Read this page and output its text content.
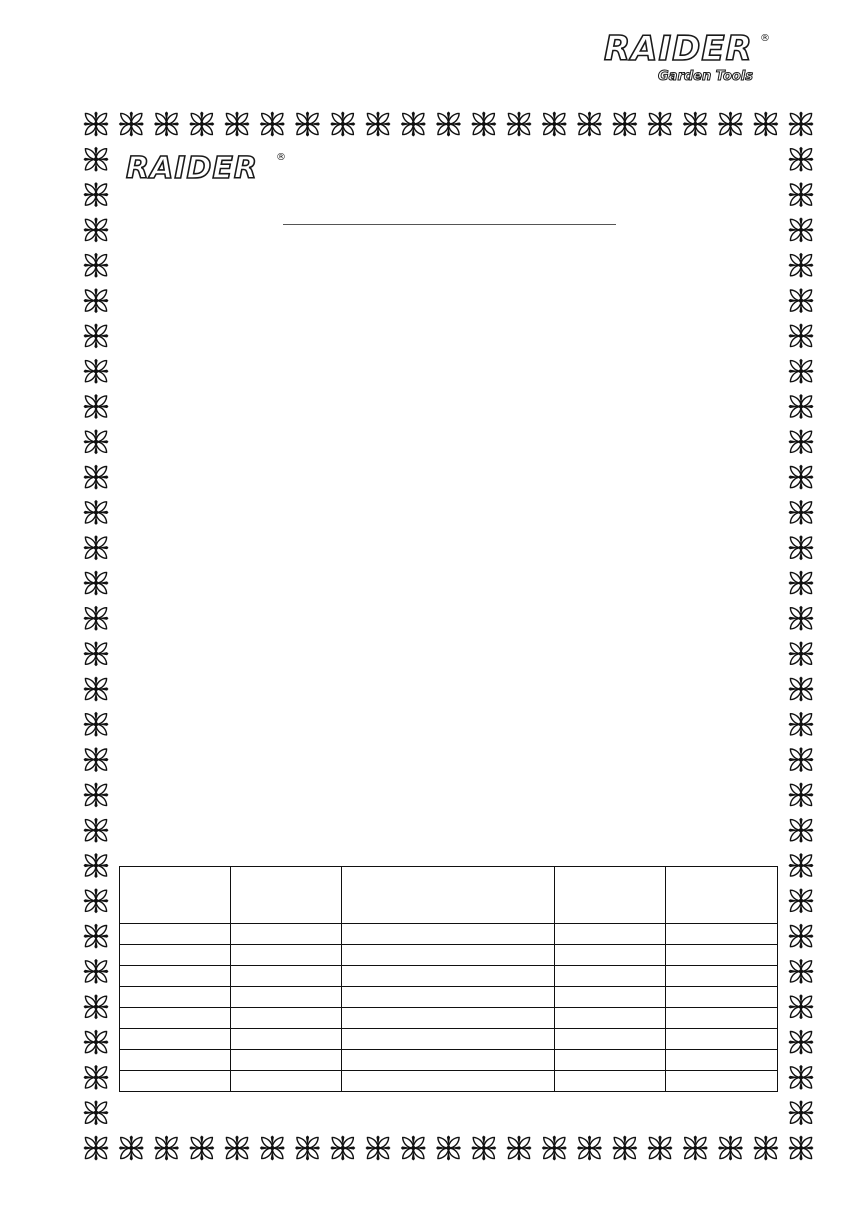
RAIDER ®
Garden Tools
RAIDER ®
